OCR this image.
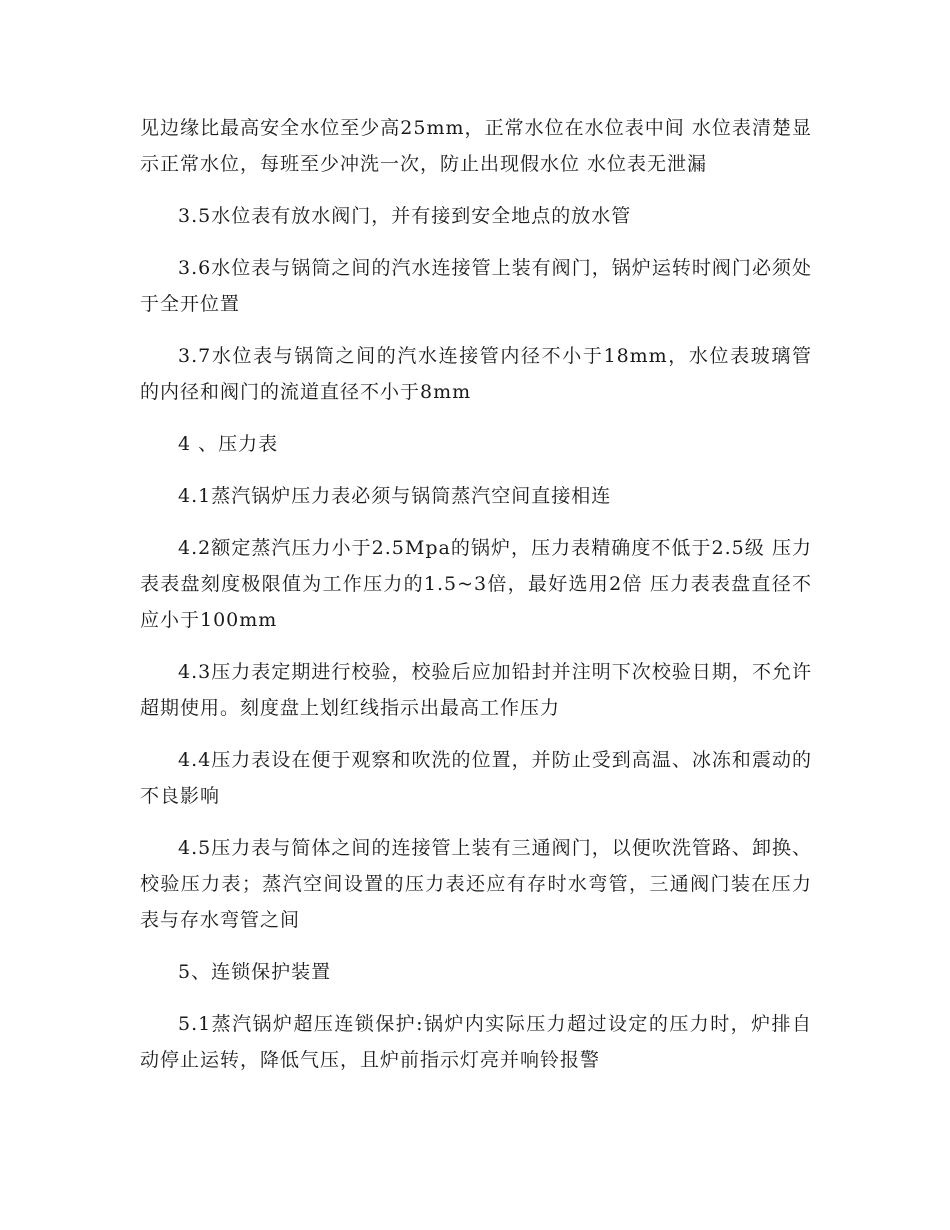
见边缘比最高安全水位至少高25mm，正常水位在水位表中间 水位表清楚显示正常水位，每班至少冲洗一次，防止出现假水位 水位表无泄漏

3.5水位表有放水阀门，并有接到安全地点的放水管

3.6水位表与锅筒之间的汽水连接管上装有阀门，锅炉运转时阀门必须处于全开位置

3.7水位表与锅筒之间的汽水连接管内径不小于18mm，水位表玻璃管的内径和阀门的流道直径不小于8mm

4 、压力表

4.1蒸汽锅炉压力表必须与锅筒蒸汽空间直接相连

4.2额定蒸汽压力小于2.5Mpa的锅炉，压力表精确度不低于2.5级 压力表表盘刻度极限值为工作压力的1.5~3倍，最好选用2倍 压力表表盘直径不应小于100mm

4.3压力表定期进行校验，校验后应加铅封并注明下次校验日期，不允许超期使用。刻度盘上划红线指示出最高工作压力

4.4压力表设在便于观察和吹洗的位置，并防止受到高温、冰冻和震动的不良影响

4.5压力表与简体之间的连接管上装有三通阀门，以便吹洗管路、卸换、校验压力表；蒸汽空间设置的压力表还应有存时水弯管，三通阀门装在压力表与存水弯管之间

5、连锁保护装置

5.1蒸汽锅炉超压连锁保护:锅炉内实际压力超过设定的压力时，炉排自动停止运转，降低气压，且炉前指示灯亮并响铃报警
